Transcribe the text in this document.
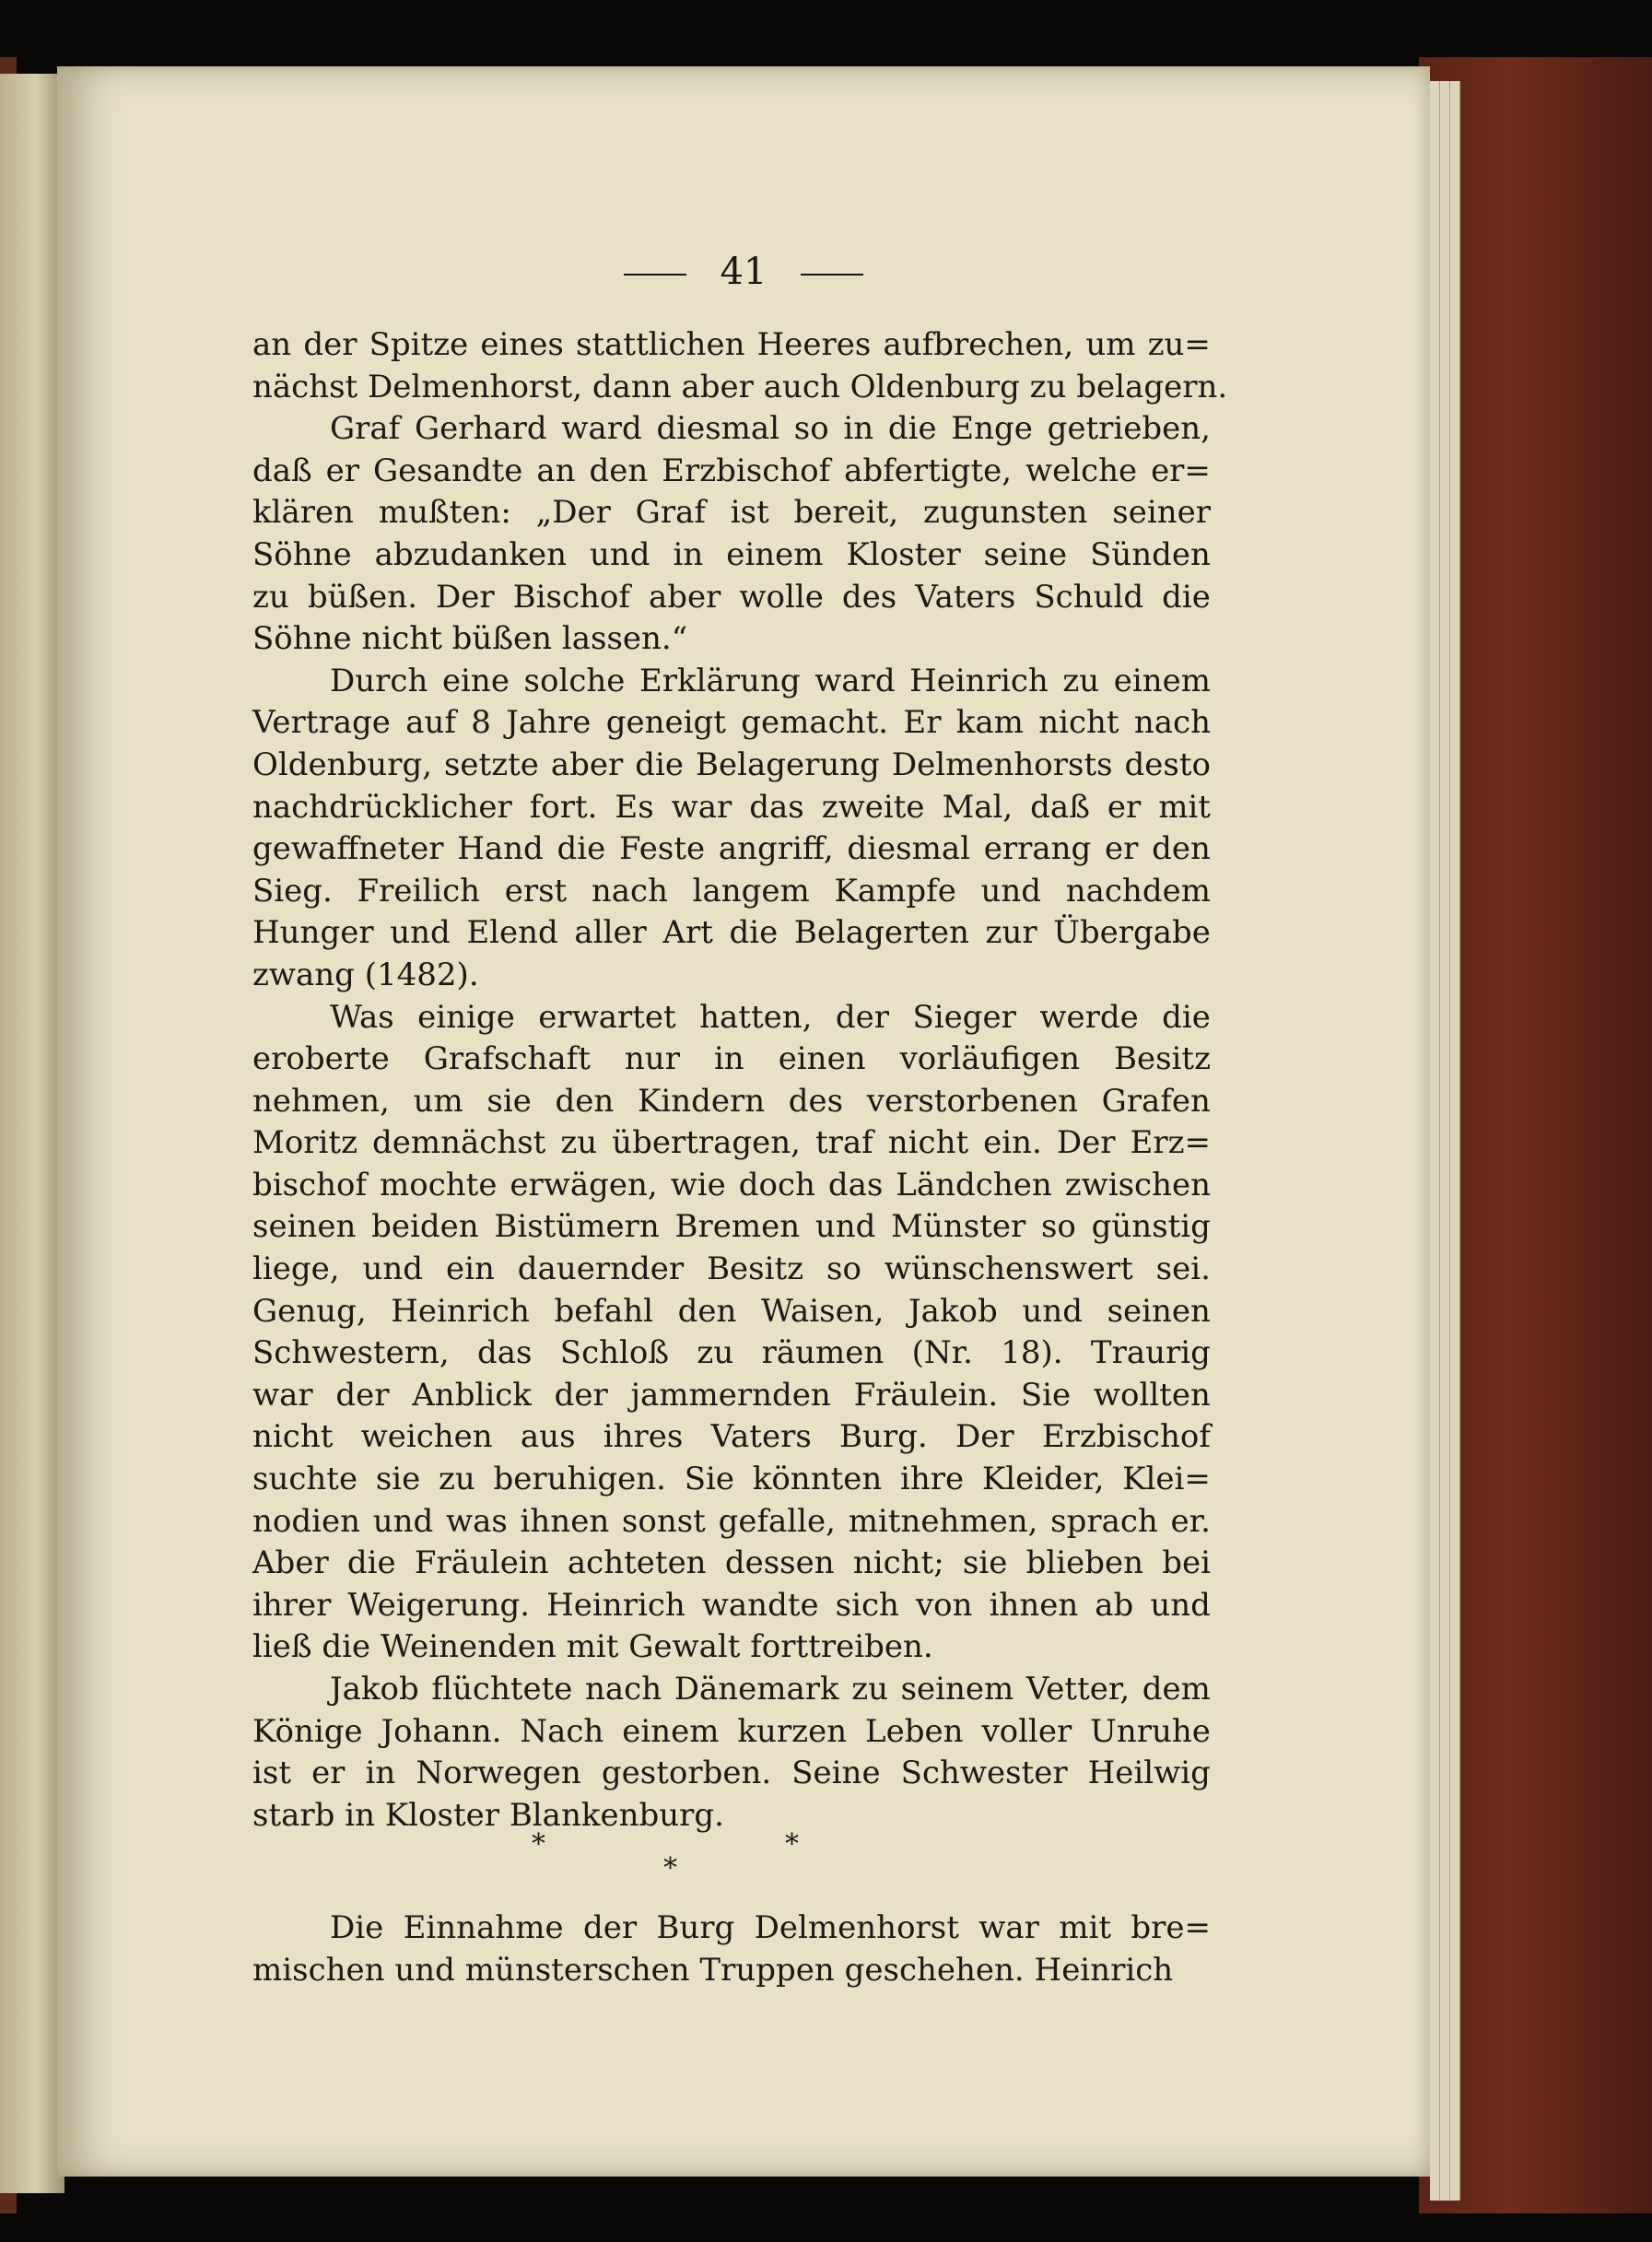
41
an der Spitze eines stattlichen Heeres aufbrechen, um zu=
nächst Delmenhorst, dann aber auch Oldenburg zu belagern.
Graf Gerhard ward diesmal so in die Enge getrieben,
daß er Gesandte an den Erzbischof abfertigte, welche er=
klären mußten: „Der Graf ist bereit, zugunsten seiner
Söhne abzudanken und in einem Kloster seine Sünden
zu büßen. Der Bischof aber wolle des Vaters Schuld die
Söhne nicht büßen lassen.“
Durch eine solche Erklärung ward Heinrich zu einem
Vertrage auf 8 Jahre geneigt gemacht. Er kam nicht nach
Oldenburg, setzte aber die Belagerung Delmenhorsts desto
nachdrücklicher fort. Es war das zweite Mal, daß er mit
gewaffneter Hand die Feste angriff, diesmal errang er den
Sieg. Freilich erst nach langem Kampfe und nachdem
Hunger und Elend aller Art die Belagerten zur Übergabe
zwang (1482).
Was einige erwartet hatten, der Sieger werde die
eroberte Grafschaft nur in einen vorläufigen Besitz
nehmen, um sie den Kindern des verstorbenen Grafen
Moritz demnächst zu übertragen, traf nicht ein. Der Erz=
bischof mochte erwägen, wie doch das Ländchen zwischen
seinen beiden Bistümern Bremen und Münster so günstig
liege, und ein dauernder Besitz so wünschenswert sei.
Genug, Heinrich befahl den Waisen, Jakob und seinen
Schwestern, das Schloß zu räumen (Nr. 18). Traurig
war der Anblick der jammernden Fräulein. Sie wollten
nicht weichen aus ihres Vaters Burg. Der Erzbischof
suchte sie zu beruhigen. Sie könnten ihre Kleider, Klei=
nodien und was ihnen sonst gefalle, mitnehmen, sprach er.
Aber die Fräulein achteten dessen nicht; sie blieben bei
ihrer Weigerung. Heinrich wandte sich von ihnen ab und
ließ die Weinenden mit Gewalt forttreiben.
Jakob flüchtete nach Dänemark zu seinem Vetter, dem
Könige Johann. Nach einem kurzen Leben voller Unruhe
ist er in Norwegen gestorben. Seine Schwester Heilwig
starb in Kloster Blankenburg.
*
*
*
Die Einnahme der Burg Delmenhorst war mit bre=
mischen und münsterschen Truppen geschehen. Heinrich
